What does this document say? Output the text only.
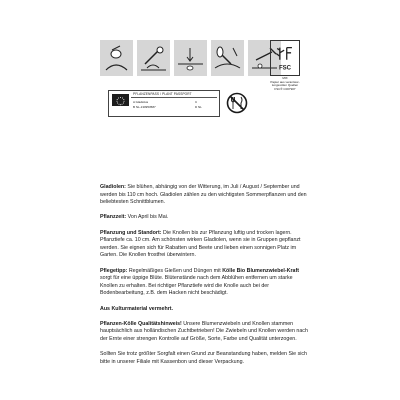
FSC
MIX
Papier aus verantwor-
tungsvollen Quellen
FSC® C007907
PFLANZENPASS / PLANT PASSPORT
A Gladiolus
B NL-130953587
C
D NL

Gladiolen: Sie blühen, abhängig von der Witterung, im Juli / August / September und werden bis 110 cm hoch. Gladiolen zählen zu den wichtigsten Sommerpflanzen und den beliebtesten Schnittblumen.

Pflanzzeit: Von April bis Mai.

Pflanzung und Standort: Die Knollen bis zur Pflanzung luftig und trocken lagern. Pflanztiefe ca. 10 cm. Am schönsten wirken Gladiolen, wenn sie in Gruppen gepflanzt werden. Sie eignen sich für Rabatten und Beete und lieben einen sonnigen Platz im Garten. Die Knollen frostfrei überwintern.

Pflegetipp: Regelmäßiges Gießen und Düngen mit Kölle Bio Blumenzwiebel-Kraft sorgt für eine üppige Blüte. Blütenstände nach dem Abblühen entfernen um starke Knollen zu erhalten. Bei richtiger Pflanztiefe wird die Knolle auch bei der Bodenbearbeitung, z.B. dem Hacken nicht beschädigt.

Aus Kulturmaterial vermehrt.

Pflanzen-Kölle Qualitätshinweis! Unsere Blumenzwiebeln und Knollen stammen hauptsächlich aus holländischen Zuchtbetrieben! Die Zwiebeln und Knollen werden nach der Ernte einer strengen Kontrolle auf Größe, Sorte, Farbe und Qualität unterzogen.

Sollten Sie trotz größter Sorgfalt einen Grund zur Beanstandung haben, melden Sie sich bitte in unserer Filiale mit Kassenbon und dieser Verpackung.
